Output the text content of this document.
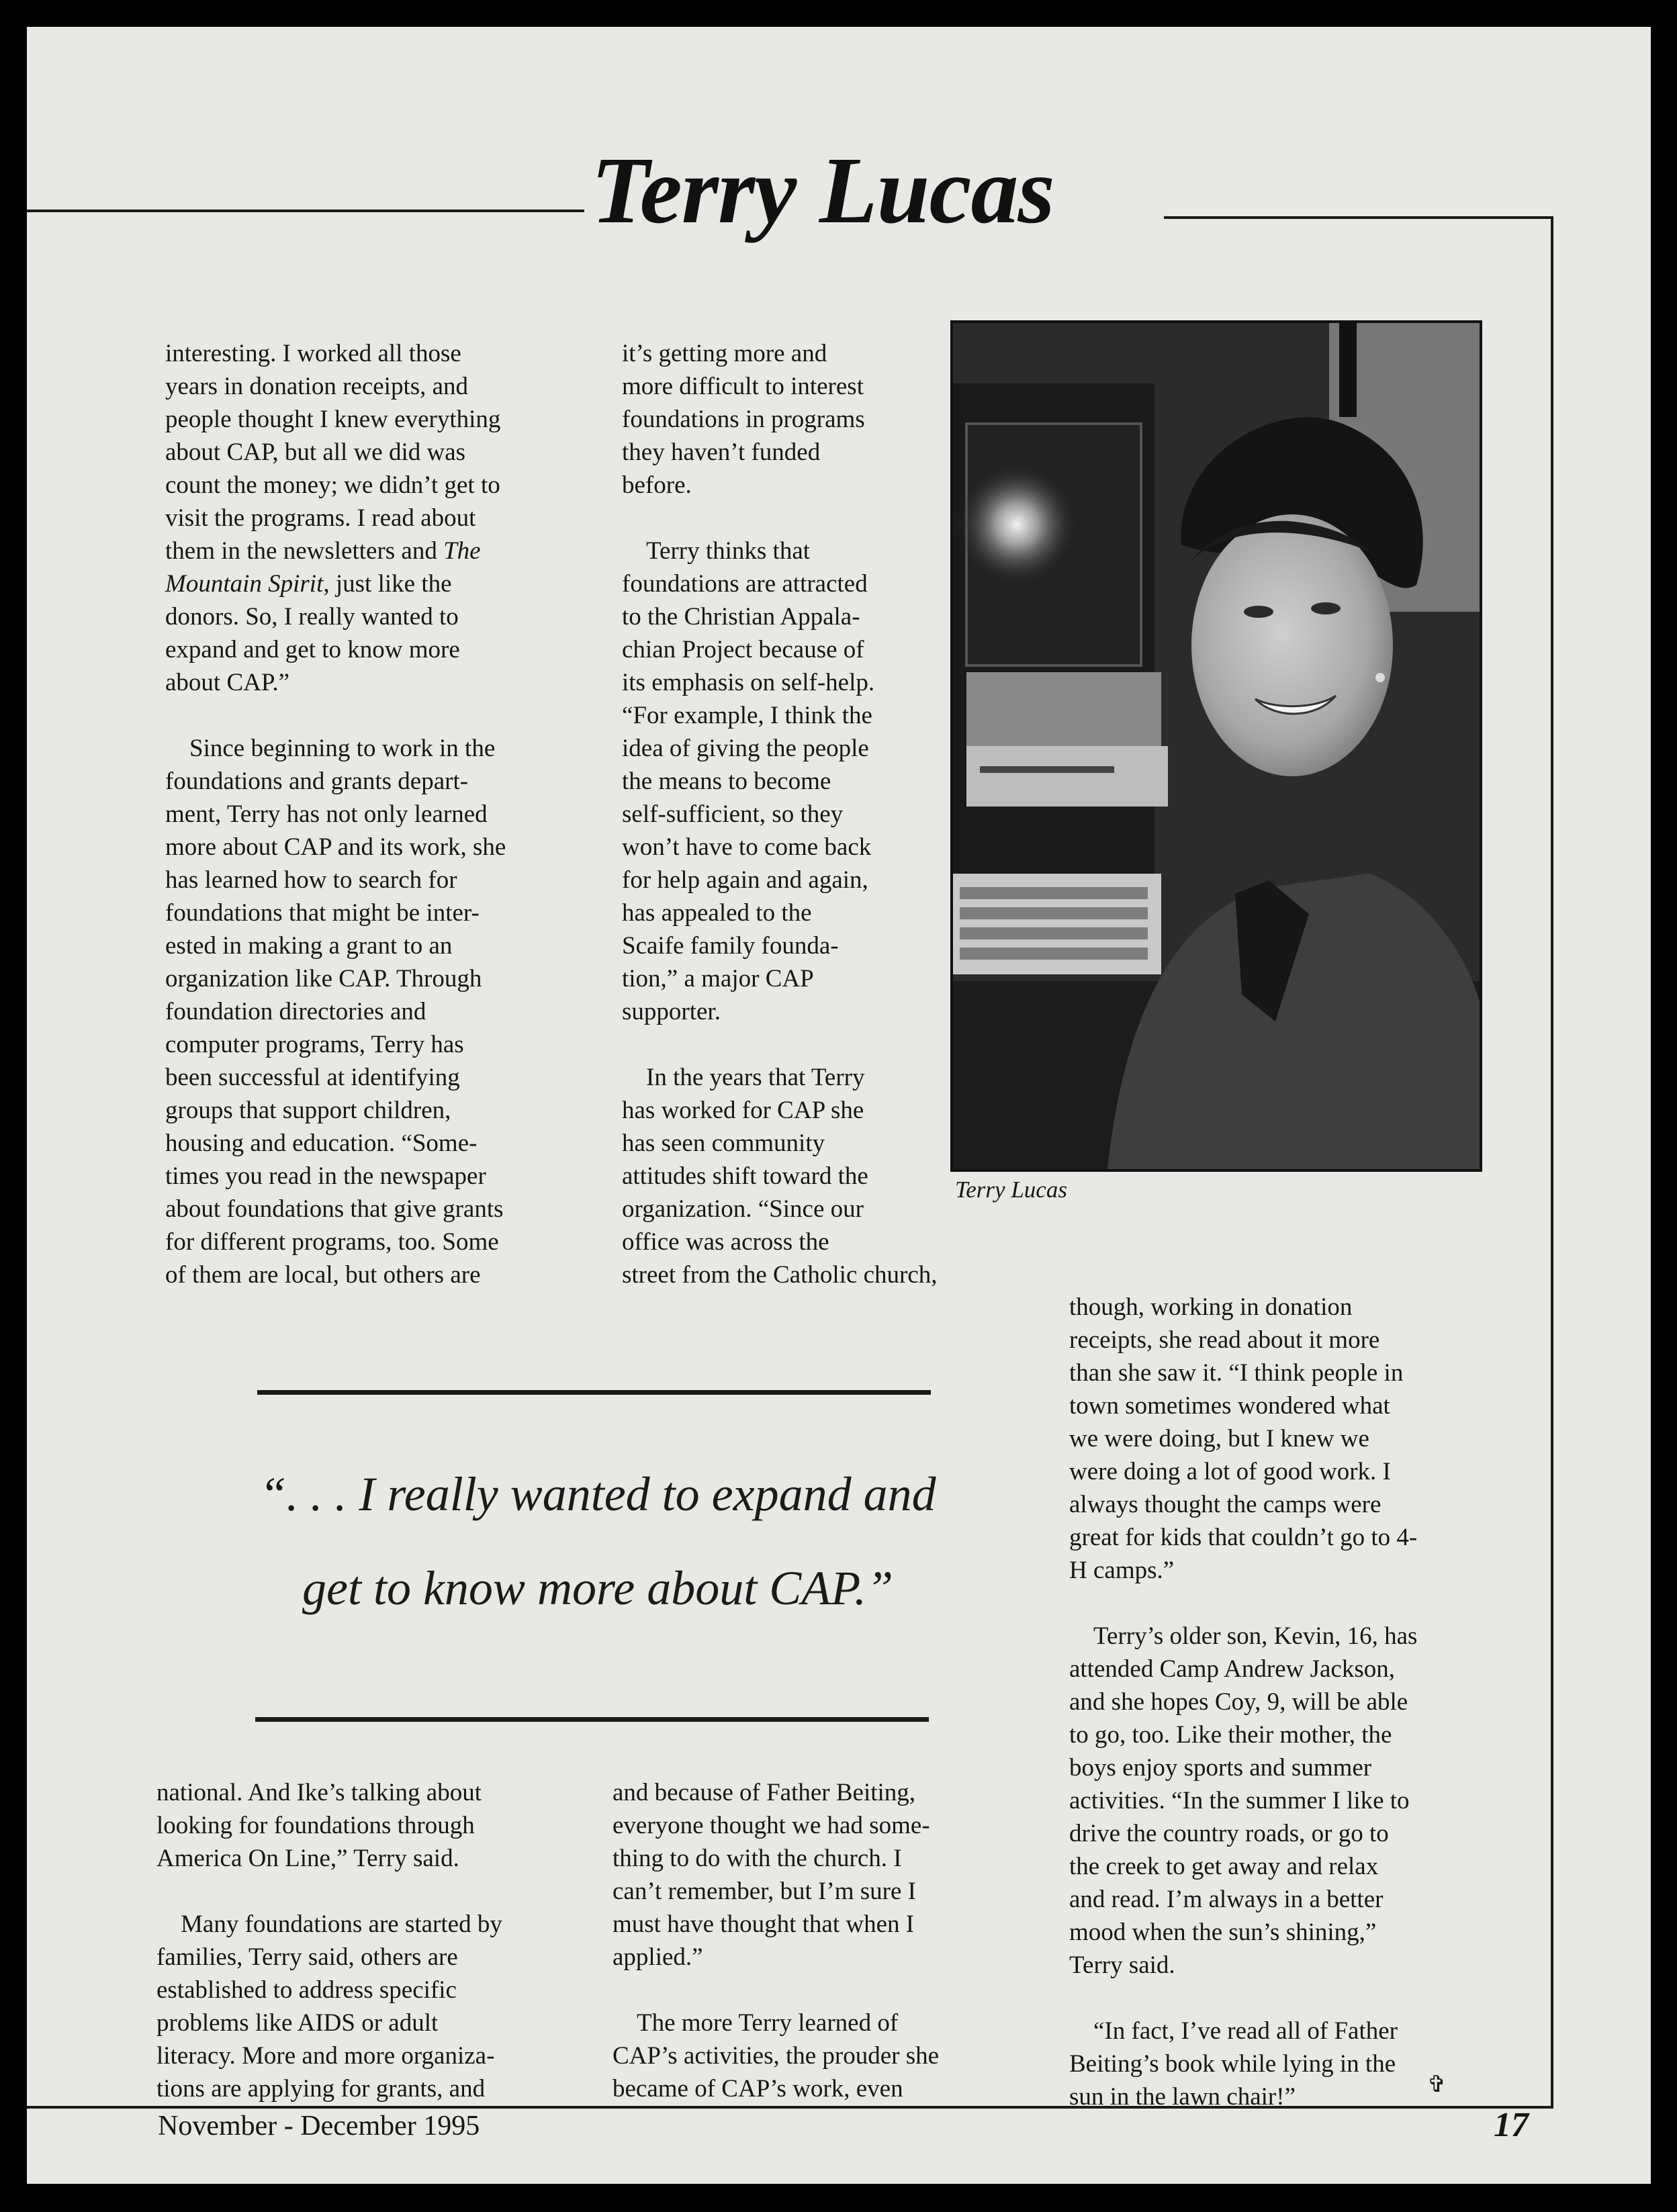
Terry Lucas

interesting. I worked all those

years in donation receipts, and

people thought I knew everything

about CAP, but all we did was

count the money; we didn’t get to

visit the programs. I read about

them in the newsletters and The

Mountain Spirit, just like the

donors. So, I really wanted to

expand and get to know more

about CAP.”

Since beginning to work in the

foundations and grants depart-

ment, Terry has not only learned

more about CAP and its work, she

has learned how to search for

foundations that might be inter-

ested in making a grant to an

organization like CAP. Through

foundation directories and

computer programs, Terry has

been successful at identifying

groups that support children,

housing and education. “Some-

times you read in the newspaper

about foundations that give grants

for different programs, too. Some

of them are local, but others are

it’s getting more and

more difficult to interest

foundations in programs

they haven’t funded

before.

Terry thinks that

foundations are attracted

to the Christian Appala-

chian Project because of

its emphasis on self-help.

“For example, I think the

idea of giving the people

the means to become

self-sufficient, so they

won’t have to come back

for help again and again,

has appealed to the

Scaife family founda-

tion,” a major CAP

supporter.

In the years that Terry

has worked for CAP she

has seen community

attitudes shift toward the

organization. “Since our

office was across the

street from the Catholic church,

though, working in donation

receipts, she read about it more

than she saw it. “I think people in

town sometimes wondered what

we were doing, but I knew we

were doing a lot of good work. I

always thought the camps were

great for kids that couldn’t go to 4-

H camps.”

Terry’s older son, Kevin, 16, has

attended Camp Andrew Jackson,

and she hopes Coy, 9, will be able

to go, too. Like their mother, the

boys enjoy sports and summer

activities. “In the summer I like to

drive the country roads, or go to

the creek to get away and relax

and read. I’m always in a better

mood when the sun’s shining,”

Terry said.

“In fact, I’ve read all of Father

Beiting’s book while lying in the

sun in the lawn chair!”

national. And Ike’s talking about

looking for foundations through

America On Line,” Terry said.

Many foundations are started by

families, Terry said, others are

established to address specific

problems like AIDS or adult

literacy. More and more organiza-

tions are applying for grants, and

and because of Father Beiting,

everyone thought we had some-

thing to do with the church. I

can’t remember, but I’m sure I

must have thought that when I

applied.”

The more Terry learned of

CAP’s activities, the prouder she

became of CAP’s work, even

Terry Lucas
“. . . I really wanted to expand and
get to know more about CAP.”
✞
November - December 1995	17
